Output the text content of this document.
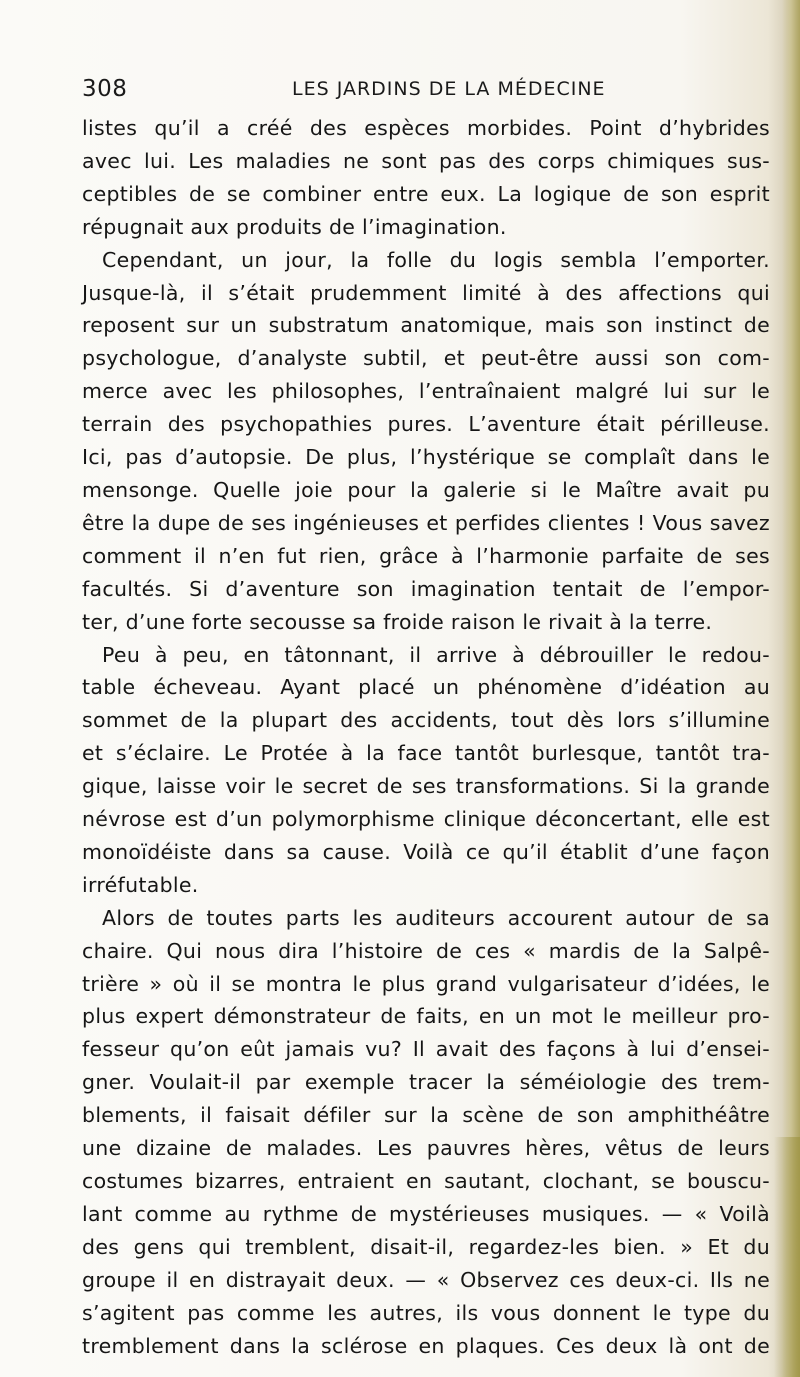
308	LES JARDINS DE LA MÉDECINE
listes qu’il a créé des espèces morbides. Point d’hybrides
avec lui. Les maladies ne sont pas des corps chimiques sus-
ceptibles de se combiner entre eux. La logique de son esprit
répugnait aux produits de l’imagination.
Cependant, un jour, la folle du logis sembla l’emporter.
Jusque-là, il s’était prudemment limité à des affections qui
reposent sur un substratum anatomique, mais son instinct de
psychologue, d’analyste subtil, et peut-être aussi son com-
merce avec les philosophes, l’entraînaient malgré lui sur le
terrain des psychopathies pures. L’aventure était périlleuse.
Ici, pas d’autopsie. De plus, l’hystérique se complaît dans le
mensonge. Quelle joie pour la galerie si le Maître avait pu
être la dupe de ses ingénieuses et perfides clientes ! Vous savez
comment il n’en fut rien, grâce à l’harmonie parfaite de ses
facultés. Si d’aventure son imagination tentait de l’empor-
ter, d’une forte secousse sa froide raison le rivait à la terre.
Peu à peu, en tâtonnant, il arrive à débrouiller le redou-
table écheveau. Ayant placé un phénomène d’idéation au
sommet de la plupart des accidents, tout dès lors s’illumine
et s’éclaire. Le Protée à la face tantôt burlesque, tantôt tra-
gique, laisse voir le secret de ses transformations. Si la grande
névrose est d’un polymorphisme clinique déconcertant, elle est
monoïdéiste dans sa cause. Voilà ce qu’il établit d’une façon
irréfutable.
Alors de toutes parts les auditeurs accourent autour de sa
chaire. Qui nous dira l’histoire de ces « mardis de la Salpê-
trière » où il se montra le plus grand vulgarisateur d’idées, le
plus expert démonstrateur de faits, en un mot le meilleur pro-
fesseur qu’on eût jamais vu? Il avait des façons à lui d’ensei-
gner. Voulait-il par exemple tracer la séméiologie des trem-
blements, il faisait défiler sur la scène de son amphithéâtre
une dizaine de malades. Les pauvres hères, vêtus de leurs
costumes bizarres, entraient en sautant, clochant, se bouscu-
lant comme au rythme de mystérieuses musiques. — « Voilà
des gens qui tremblent, disait-il, regardez-les bien. » Et du
groupe il en distrayait deux. — « Observez ces deux-ci. Ils ne
s’agitent pas comme les autres, ils vous donnent le type du
tremblement dans la sclérose en plaques. Ces deux là ont de
